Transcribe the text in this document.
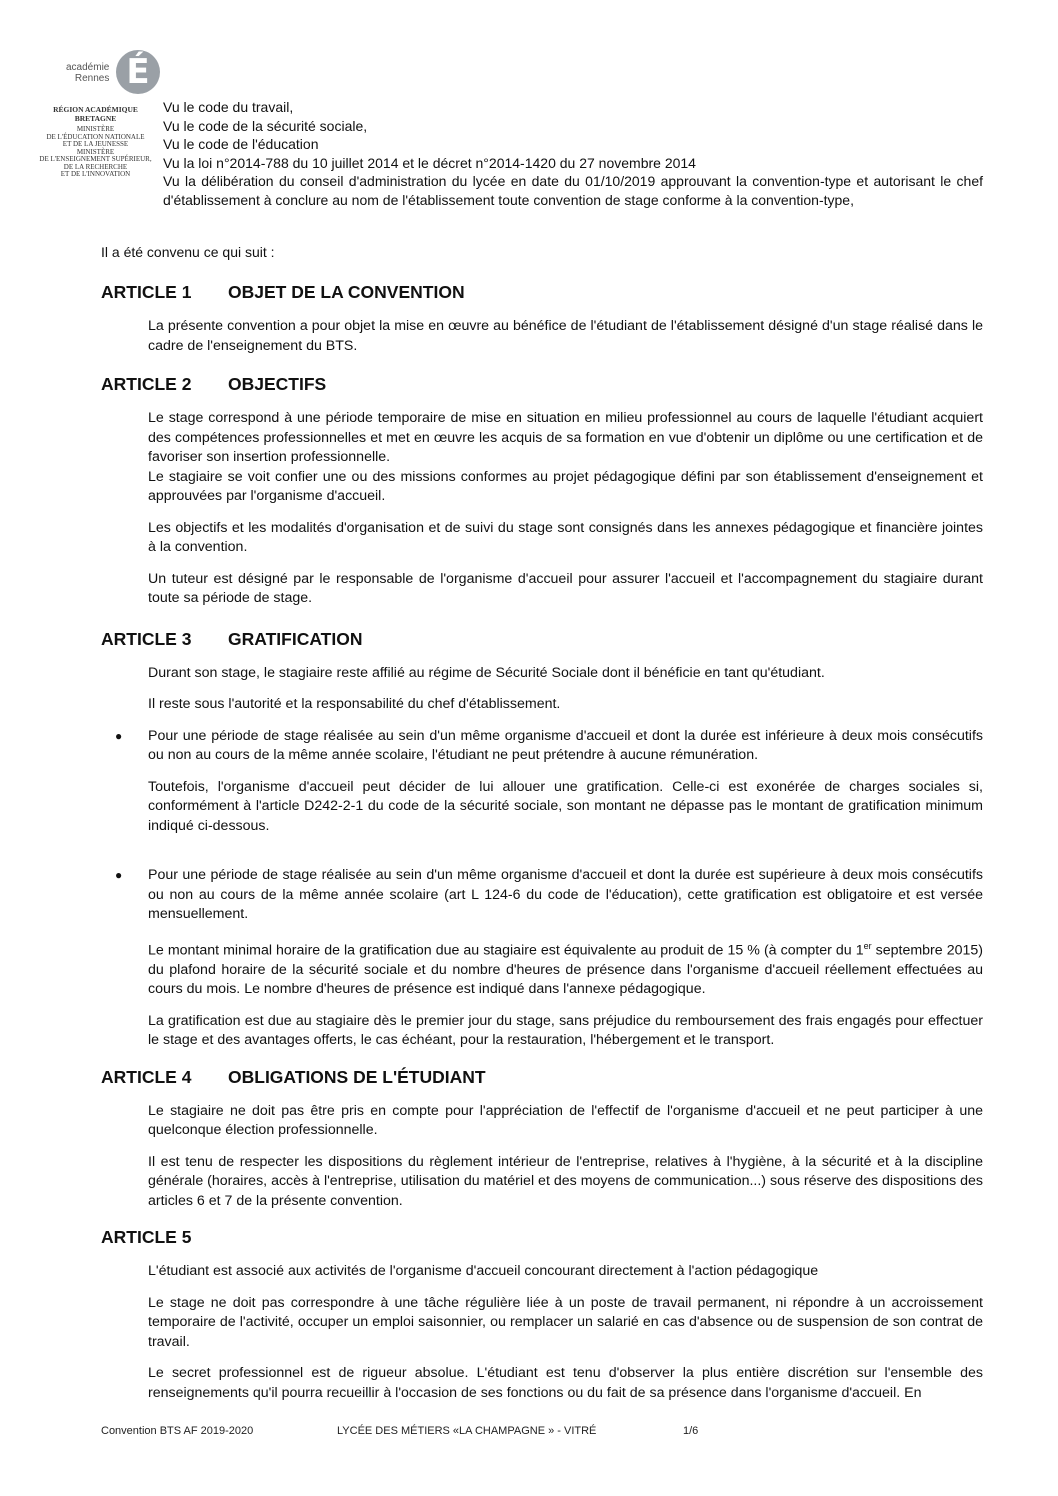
académie
Rennes É
RÉGION ACADÉMIQUE
BRETAGNE
MINISTÈRE
DE L'ÉDUCATION NATIONALE
ET DE LA JEUNESSE
MINISTÈRE
DE L'ENSEIGNEMENT SUPÉRIEUR,
DE LA RECHERCHE
ET DE L'INNOVATION

Vu le code du travail,

Vu le code de la sécurité sociale,

Vu le code de l'éducation

Vu la loi n°2014-788 du 10 juillet 2014 et le décret n°2014-1420 du 27 novembre 2014

Vu la délibération du conseil d'administration du lycée en date du 01/10/2019 approuvant la convention-type et autorisant le chef d'établissement à conclure au nom de l'établissement toute convention de stage conforme à la convention-type,

Il a été convenu ce qui suit :
ARTICLE 1	OBJET DE LA CONVENTION

La présente convention a pour objet la mise en œuvre au bénéfice de l'étudiant de l'établissement désigné d'un stage réalisé dans le cadre de l'enseignement du BTS.

ARTICLE 2	OBJECTIFS
Le stage correspond à une période temporaire de mise en situation en milieu professionnel au cours de laquelle l'étudiant acquiert des compétences professionnelles et met en œuvre les acquis de sa formation en vue d'obtenir un diplôme ou une certification et de favoriser son insertion professionnelle.
Le stagiaire se voit confier une ou des missions conformes au projet pédagogique défini par son établissement d'enseignement et approuvées par l'organisme d'accueil.

Les objectifs et les modalités d'organisation et de suivi du stage sont consignés dans les annexes pédagogique et financière jointes à la convention.

Un tuteur est désigné par le responsable de l'organisme d'accueil pour assurer l'accueil et l'accompagnement du stagiaire durant toute sa période de stage.

ARTICLE 3	GRATIFICATION

Durant son stage, le stagiaire reste affilié au régime de Sécurité Sociale dont il bénéficie en tant qu'étudiant.

Il reste sous l'autorité et la responsabilité du chef d'établissement.

● Pour une période de stage réalisée au sein d'un même organisme d'accueil et dont la durée est inférieure à deux mois consécutifs ou non au cours de la même année scolaire, l'étudiant ne peut prétendre à aucune rémunération.

Toutefois, l'organisme d'accueil peut décider de lui allouer une gratification. Celle-ci est exonérée de charges sociales si, conformément à l'article D242-2-1 du code de la sécurité sociale, son montant ne dépasse pas le montant de gratification minimum indiqué ci-dessous.

● Pour une période de stage réalisée au sein d'un même organisme d'accueil et dont la durée est supérieure à deux mois consécutifs ou non au cours de la même année scolaire (art L 124-6 du code de l'éducation), cette gratification est obligatoire et est versée mensuellement.

Le montant minimal horaire de la gratification due au stagiaire est équivalente au produit de 15 % (à compter du 1er septembre 2015) du plafond horaire de la sécurité sociale et du nombre d'heures de présence dans l'organisme d'accueil réellement effectuées au cours du mois. Le nombre d'heures de présence est indiqué dans l'annexe pédagogique.

La gratification est due au stagiaire dès le premier jour du stage, sans préjudice du remboursement des frais engagés pour effectuer le stage et des avantages offerts, le cas échéant, pour la restauration, l'hébergement et le transport.

ARTICLE 4	OBLIGATIONS DE L'ÉTUDIANT

Le stagiaire ne doit pas être pris en compte pour l'appréciation de l'effectif de l'organisme d'accueil et ne peut participer à une quelconque élection professionnelle.

Il est tenu de respecter les dispositions du règlement intérieur de l'entreprise, relatives à l'hygiène, à la sécurité et à la discipline générale (horaires, accès à l'entreprise, utilisation du matériel et des moyens de communication...) sous réserve des dispositions des articles 6 et 7 de la présente convention.

ARTICLE 5

L'étudiant est associé aux activités de l'organisme d'accueil concourant directement à l'action pédagogique

Le stage ne doit pas correspondre à une tâche régulière liée à un poste de travail permanent, ni répondre à un accroissement temporaire de l'activité, occuper un emploi saisonnier, ou remplacer un salarié en cas d'absence ou de suspension de son contrat de travail.

Le secret professionnel est de rigueur absolue. L'étudiant est tenu d'observer la plus entière discrétion sur l'ensemble des renseignements qu'il pourra recueillir à l'occasion de ses fonctions ou du fait de sa présence dans l'organisme d'accueil. En

Convention BTS AF 2019-2020	LYCÉE DES MÉTIERS «LA CHAMPAGNE » - VITRÉ	1/6
